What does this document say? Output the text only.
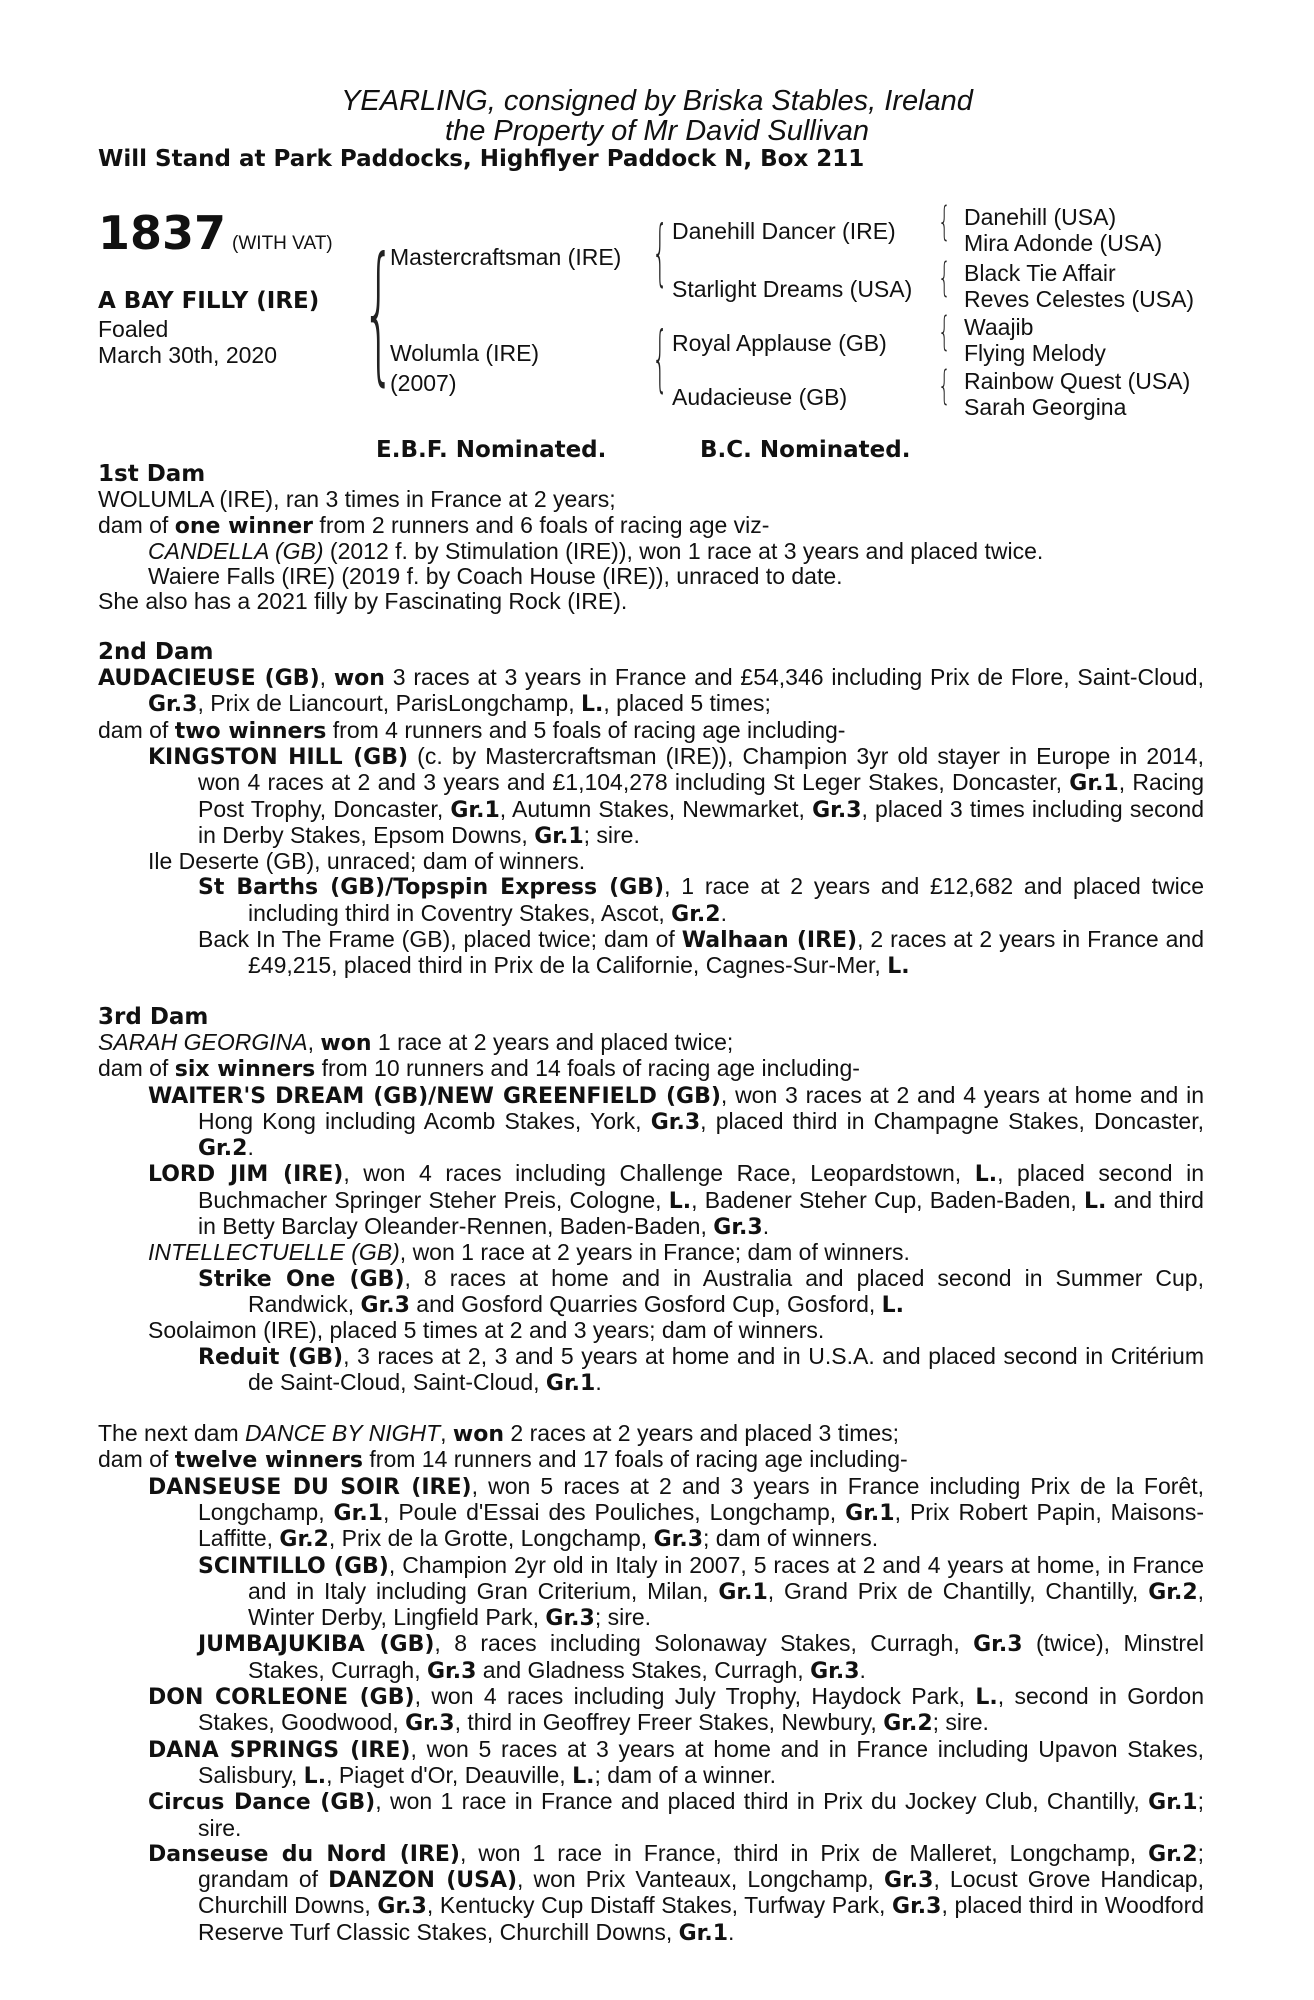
YEARLING, consigned by Briska Stables, Ireland
the Property of Mr David Sullivan
Will Stand at Park Paddocks, Highflyer Paddock N, Box 211
1837 (WITH VAT)
A BAY FILLY (IRE)
Foaled
March 30th, 2020 {	{
{
{
{
{
{
Mastercraftsman (IRE)
Wolumla (IRE)
(2007)
Danehill Dancer (IRE)
Starlight Dreams (USA)
Royal Applause (GB)
Audacieuse (GB)
Danehill (USA)
Mira Adonde (USA)
Black Tie Affair
Reves Celestes (USA)
Waajib
Flying Melody
Rainbow Quest (USA)
Sarah Georgina
E.B.F. Nominated.	B.C. Nominated.
1st Dam
WOLUMLA (IRE), ran 3 times in France at 2 years;
dam of one winner from 2 runners and 6 foals of racing age viz-
CANDELLA (GB) (2012 f. by Stimulation (IRE)), won 1 race at 3 years and placed twice.
Waiere Falls (IRE) (2019 f. by Coach House (IRE)), unraced to date.
She also has a 2021 filly by Fascinating Rock (IRE).
2nd Dam
AUDACIEUSE (GB), won 3 races at 3 years in France and £54,346 including Prix de Flore, Saint-Cloud, Gr.3, Prix de Liancourt, ParisLongchamp, L., placed 5 times;
dam of two winners from 4 runners and 5 foals of racing age including-
KINGSTON HILL (GB) (c. by Mastercraftsman (IRE)), Champion 3yr old stayer in Europe in 2014, won 4 races at 2 and 3 years and £1,104,278 including St Leger Stakes, Doncaster, Gr.1, Racing Post Trophy, Doncaster, Gr.1, Autumn Stakes, Newmarket, Gr.3, placed 3 times including second in Derby Stakes, Epsom Downs, Gr.1; sire.
Ile Deserte (GB), unraced; dam of winners.
St Barths (GB)/Topspin Express (GB), 1 race at 2 years and £12,682 and placed twice including third in Coventry Stakes, Ascot, Gr.2.
Back In The Frame (GB), placed twice; dam of Walhaan (IRE), 2 races at 2 years in France and £49,215, placed third in Prix de la Californie, Cagnes-Sur-Mer, L.
3rd Dam
SARAH GEORGINA, won 1 race at 2 years and placed twice;
dam of six winners from 10 runners and 14 foals of racing age including-
WAITER'S DREAM (GB)/NEW GREENFIELD (GB), won 3 races at 2 and 4 years at home and in Hong Kong including Acomb Stakes, York, Gr.3, placed third in Champagne Stakes, Doncaster, Gr.2.
LORD JIM (IRE), won 4 races including Challenge Race, Leopardstown, L., placed second in Buchmacher Springer Steher Preis, Cologne, L., Badener Steher Cup, Baden-Baden, L. and third in Betty Barclay Oleander-Rennen, Baden-Baden, Gr.3.
INTELLECTUELLE (GB), won 1 race at 2 years in France; dam of winners.
Strike One (GB), 8 races at home and in Australia and placed second in Summer Cup, Randwick, Gr.3 and Gosford Quarries Gosford Cup, Gosford, L.
Soolaimon (IRE), placed 5 times at 2 and 3 years; dam of winners.
Reduit (GB), 3 races at 2, 3 and 5 years at home and in U.S.A. and placed second in Critérium de Saint-Cloud, Saint-Cloud, Gr.1.
The next dam DANCE BY NIGHT, won 2 races at 2 years and placed 3 times;
dam of twelve winners from 14 runners and 17 foals of racing age including-
DANSEUSE DU SOIR (IRE), won 5 races at 2 and 3 years in France including Prix de la Forêt, Longchamp, Gr.1, Poule d'Essai des Pouliches, Longchamp, Gr.1, Prix Robert Papin, Maisons-Laffitte, Gr.2, Prix de la Grotte, Longchamp, Gr.3; dam of winners.
SCINTILLO (GB), Champion 2yr old in Italy in 2007, 5 races at 2 and 4 years at home, in France and in Italy including Gran Criterium, Milan, Gr.1, Grand Prix de Chantilly, Chantilly, Gr.2, Winter Derby, Lingfield Park, Gr.3; sire.
JUMBAJUKIBA (GB), 8 races including Solonaway Stakes, Curragh, Gr.3 (twice), Minstrel Stakes, Curragh, Gr.3 and Gladness Stakes, Curragh, Gr.3.
DON CORLEONE (GB), won 4 races including July Trophy, Haydock Park, L., second in Gordon Stakes, Goodwood, Gr.3, third in Geoffrey Freer Stakes, Newbury, Gr.2; sire.
DANA SPRINGS (IRE), won 5 races at 3 years at home and in France including Upavon Stakes, Salisbury, L., Piaget d'Or, Deauville, L.; dam of a winner.
Circus Dance (GB), won 1 race in France and placed third in Prix du Jockey Club, Chantilly, Gr.1; sire.
Danseuse du Nord (IRE), won 1 race in France, third in Prix de Malleret, Longchamp, Gr.2; grandam of DANZON (USA), won Prix Vanteaux, Longchamp, Gr.3, Locust Grove Handicap, Churchill Downs, Gr.3, Kentucky Cup Distaff Stakes, Turfway Park, Gr.3, placed third in Woodford Reserve Turf Classic Stakes, Churchill Downs, Gr.1.
